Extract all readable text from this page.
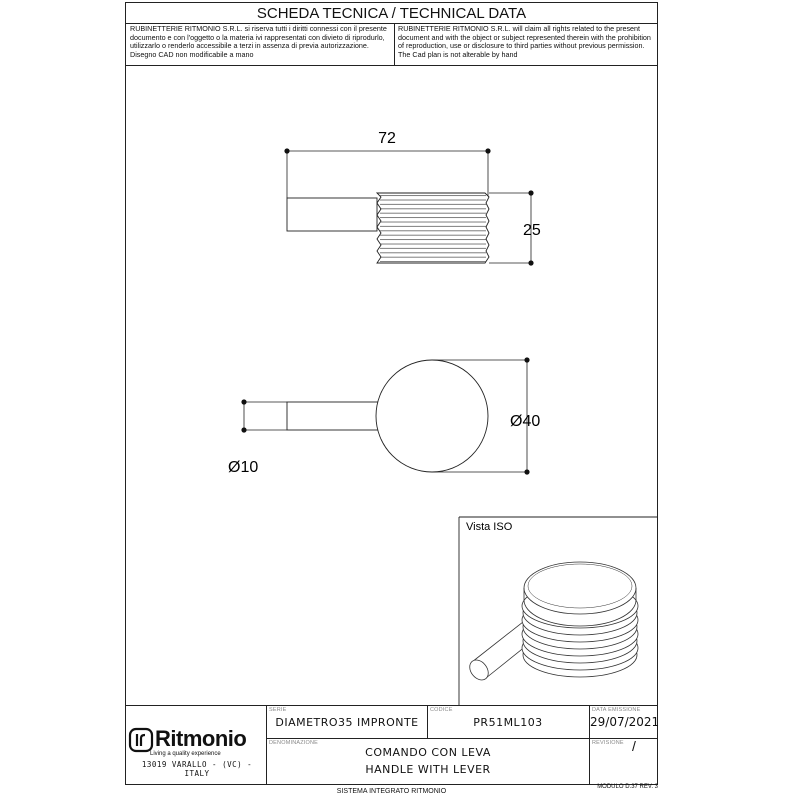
SCHEDA TECNICA / TECHNICAL DATA
RUBINETTERIE RITMONIO S.R.L. si riserva tutti i diritti connessi con il presente documento e con l'oggetto o la materia ivi rappresentati con divieto di riprodurlo, utilizzarlo o renderlo accessibile a terzi in assenza di previa autorizzazione. Disegno CAD non modificabile a mano
RUBINETTERIE RITMONIO S.R.L. will claim all rights related to the present document and with the object or subject represented therein with the prohibition of reproduction, use or disclosure to third parties without previous permission. The Cad plan is not alterable by hand
72
25
Ø40
Ø10
Vista ISO
Ritmonio
Living a quality experience
13019 VARALLO - (VC) - ITALY
SERIE
DIAMETRO35 IMPRONTE
CODICE
PR51ML103
DATA EMISSIONE
29/07/2021
DENOMINAZIONE
COMANDO CON LEVA
HANDLE WITH LEVER
REVISIONE /
SISTEMA INTEGRATO RITMONIO
MODULO D.37 REV. 3
